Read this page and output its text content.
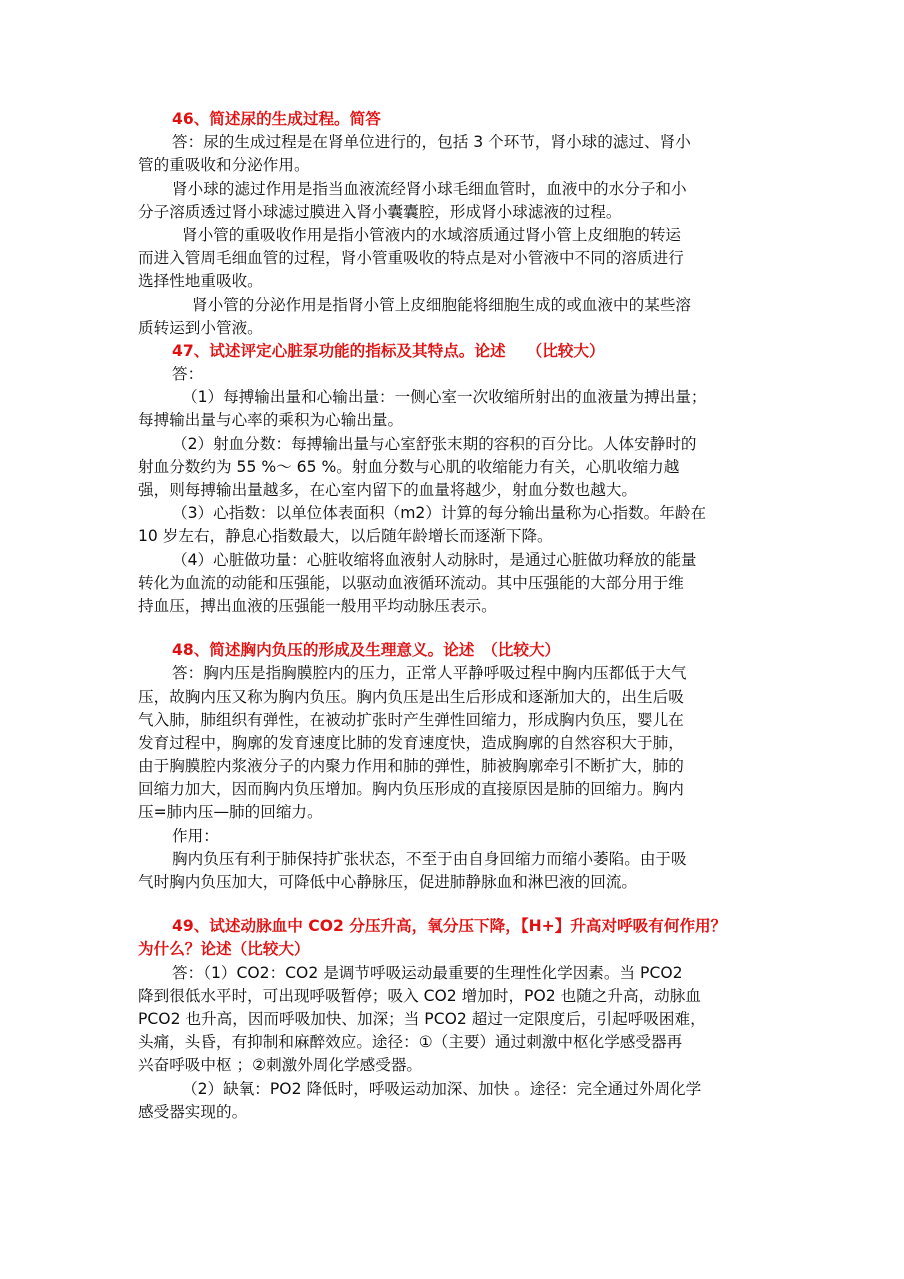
46、简述尿的生成过程。简答
答：尿的生成过程是在肾单位进行的，包括 3 个环节，肾小球的滤过、肾小
管的重吸收和分泌作用。
肾小球的滤过作用是指当血液流经肾小球毛细血管时，血液中的水分子和小
分子溶质透过肾小球滤过膜进入肾小囊囊腔，形成肾小球滤液的过程。
肾小管的重吸收作用是指小管液内的水域溶质通过肾小管上皮细胞的转运
而进入管周毛细血管的过程，肾小管重吸收的特点是对小管液中不同的溶质进行
选择性地重吸收。
肾小管的分泌作用是指肾小管上皮细胞能将细胞生成的或血液中的某些溶
质转运到小管液。
47、试述评定心脏泵功能的指标及其特点。论述　 （比较大）
答：
（1）每搏输出量和心输出量：一侧心室一次收缩所射出的血液量为搏出量；
每搏输出量与心率的乘积为心输出量。
（2）射血分数：每搏输出量与心室舒张末期的容积的百分比。人体安静时的
射血分数约为 55 %～ 65 %。射血分数与心肌的收缩能力有关，心肌收缩力越
强，则每搏输出量越多，在心室内留下的血量将越少，射血分数也越大。
（3）心指数：以单位体表面积（m2）计算的每分输出量称为心指数。年龄在
10 岁左右，静息心指数最大，以后随年龄增长而逐渐下降。
（4）心脏做功量：心脏收缩将血液射人动脉时，是通过心脏做功释放的能量
转化为血流的动能和压强能，以驱动血液循环流动。其中压强能的大部分用于维
持血压，搏出血液的压强能一般用平均动脉压表示。
48、简述胸内负压的形成及生理意义。论述　（比较大）
答：胸内压是指胸膜腔内的压力，正常人平静呼吸过程中胸内压都低于大气
压，故胸内压又称为胸内负压。胸内负压是出生后形成和逐渐加大的，出生后吸
气入肺，肺组织有弹性，在被动扩张时产生弹性回缩力，形成胸内负压，婴儿在
发育过程中，胸廓的发育速度比肺的发育速度快，造成胸廓的自然容积大于肺，
由于胸膜腔内浆液分子的内聚力作用和肺的弹性，肺被胸廓牵引不断扩大，肺的
回缩力加大，因而胸内负压增加。胸内负压形成的直接原因是肺的回缩力。胸内
压=肺内压—肺的回缩力。
作用：
胸内负压有利于肺保持扩张状态，不至于由自身回缩力而缩小萎陷。由于吸
气时胸内负压加大，可降低中心静脉压，促进肺静脉血和淋巴液的回流。
49、试述动脉血中 CO2 分压升高，氧分压下降，【H+】升高对呼吸有何作用？
为什么？论述（比较大）
答：（1）CO2：CO2 是调节呼吸运动最重要的生理性化学因素。当 PCO2
降到很低水平时，可出现呼吸暂停；吸入 CO2 增加时，PO2 也随之升高，动脉血
PCO2 也升高，因而呼吸加快、加深；当 PCO2 超过一定限度后，引起呼吸困难，
头痛，头昏，有抑制和麻醉效应。途径：①（主要）通过刺激中枢化学感受器再
兴奋呼吸中枢 ；②刺激外周化学感受器。
（2）缺氧：PO2 降低时，呼吸运动加深、加快 。途径：完全通过外周化学
感受器实现的。
